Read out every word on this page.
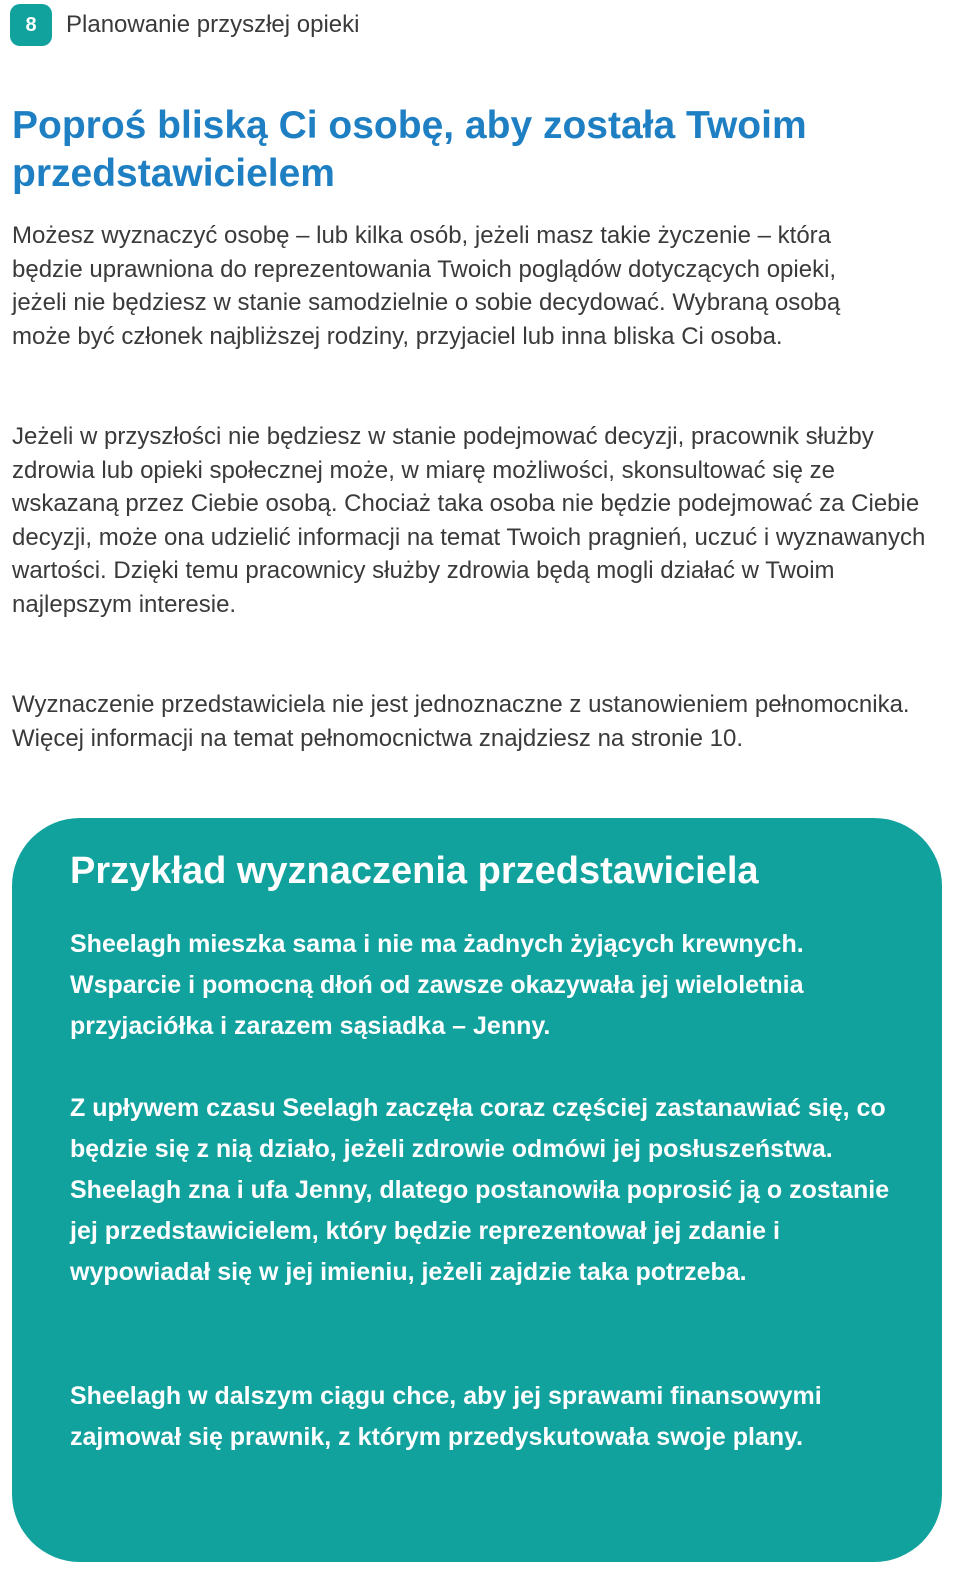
8	Planowanie przyszłej opieki
Poproś bliską Ci osobę, aby została Twoim przedstawicielem

Możesz wyznaczyć osobę – lub kilka osób, jeżeli masz takie życzenie – która będzie uprawniona do reprezentowania Twoich poglądów dotyczących opieki, jeżeli nie będziesz w stanie samodzielnie o sobie decydować. Wybraną osobą może być członek najbliższej rodziny, przyjaciel lub inna bliska Ci osoba.

Jeżeli w przyszłości nie będziesz w stanie podejmować decyzji, pracownik służby zdrowia lub opieki społecznej może, w miarę możliwości, skonsultować się ze wskazaną przez Ciebie osobą. Chociaż taka osoba nie będzie podejmować za Ciebie decyzji, może ona udzielić informacji na temat Twoich pragnień, uczuć i wyznawanych wartości. Dzięki temu pracownicy służby zdrowia będą mogli działać w Twoim najlepszym interesie.

Wyznaczenie przedstawiciela nie jest jednoznaczne z ustanowieniem pełnomocnika. Więcej informacji na temat pełnomocnictwa znajdziesz na stronie 10.

Przykład wyznaczenia przedstawiciela

Sheelagh mieszka sama i nie ma żadnych żyjących krewnych. Wsparcie i pomocną dłoń od zawsze okazywała jej wieloletnia przyjaciółka i zarazem sąsiadka – Jenny.

Z upływem czasu Seelagh zaczęła coraz częściej zastanawiać się, co będzie się z nią działo, jeżeli zdrowie odmówi jej posłuszeństwa. Sheelagh zna i ufa Jenny, dlatego postanowiła poprosić ją o zostanie jej przedstawicielem, który będzie reprezentował jej zdanie i wypowiadał się w jej imieniu, jeżeli zajdzie taka potrzeba.

Sheelagh w dalszym ciągu chce, aby jej sprawami finansowymi zajmował się prawnik, z którym przedyskutowała swoje plany.
